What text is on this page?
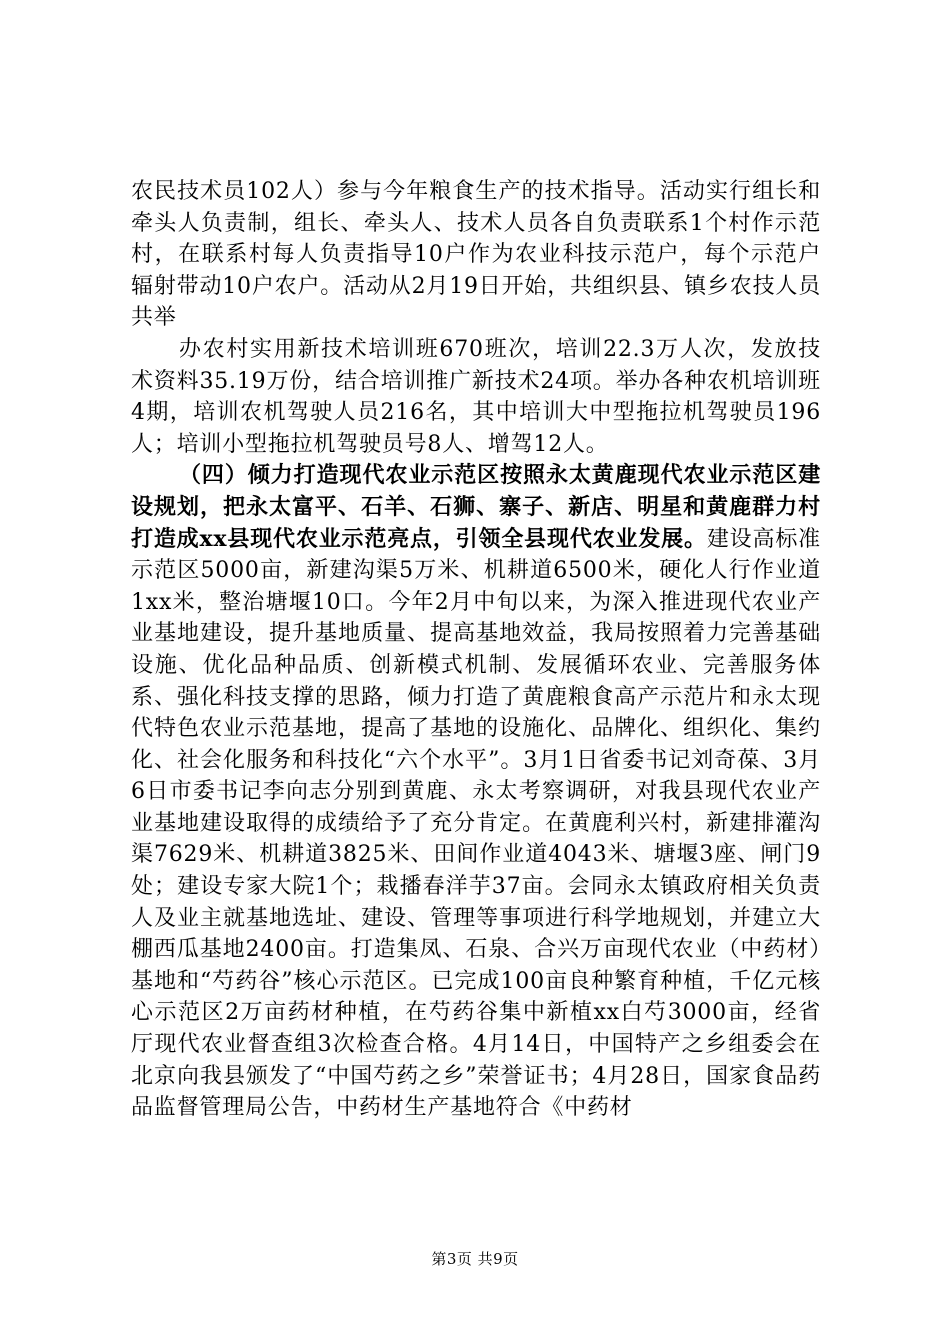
农民技术员102人）参与今年粮食生产的技术指导。活动实行组长和牵头人负责制，组长、牵头人、技术人员各自负责联系1个村作示范村，在联系村每人负责指导10户作为农业科技示范户，每个示范户辐射带动10户农户。活动从2月19日开始，共组织县、镇乡农技人员共举

办农村实用新技术培训班670班次，培训22.3万人次，发放技术资料35.19万份，结合培训推广新技术24项。举办各种农机培训班4期，培训农机驾驶人员216名，其中培训大中型拖拉机驾驶员196人；培训小型拖拉机驾驶员号8人、增驾12人。

（四）倾力打造现代农业示范区按照永太黄鹿现代农业示范区建设规划，把永太富平、石羊、石狮、寨子、新店、明星和黄鹿群力村打造成xx县现代农业示范亮点，引领全县现代农业发展。建设高标准示范区5000亩，新建沟渠5万米、机耕道6500米，硬化人行作业道1xx米，整治塘堰10口。今年2月中旬以来，为深入推进现代农业产业基地建设，提升基地质量、提高基地效益，我局按照着力完善基础设施、优化品种品质、创新模式机制、发展循环农业、完善服务体系、强化科技支撑的思路，倾力打造了黄鹿粮食高产示范片和永太现代特色农业示范基地，提高了基地的设施化、品牌化、组织化、集约化、社会化服务和科技化“六个水平”。3月1日省委书记刘奇葆、3月6日市委书记李向志分别到黄鹿、永太考察调研，对我县现代农业产业基地建设取得的成绩给予了充分肯定。在黄鹿利兴村，新建排灌沟渠7629米、机耕道3825米、田间作业道4043米、塘堰3座、闸门9处；建设专家大院1个；栽播春洋芋37亩。会同永太镇政府相关负责人及业主就基地选址、建设、管理等事项进行科学地规划，并建立大棚西瓜基地2400亩。打造集凤、石泉、合兴万亩现代农业（中药材）基地和“芍药谷”核心示范区。已完成100亩良种繁育种植，千亿元核心示范区2万亩药材种植，在芍药谷集中新植xx白芍3000亩，经省厅现代农业督查组3次检查合格。4月14日，中国特产之乡组委会在北京向我县颁发了“中国芍药之乡”荣誉证书；4月28日，国家食品药品监督管理局公告，中药材生产基地符合《中药材

第3页 共9页
